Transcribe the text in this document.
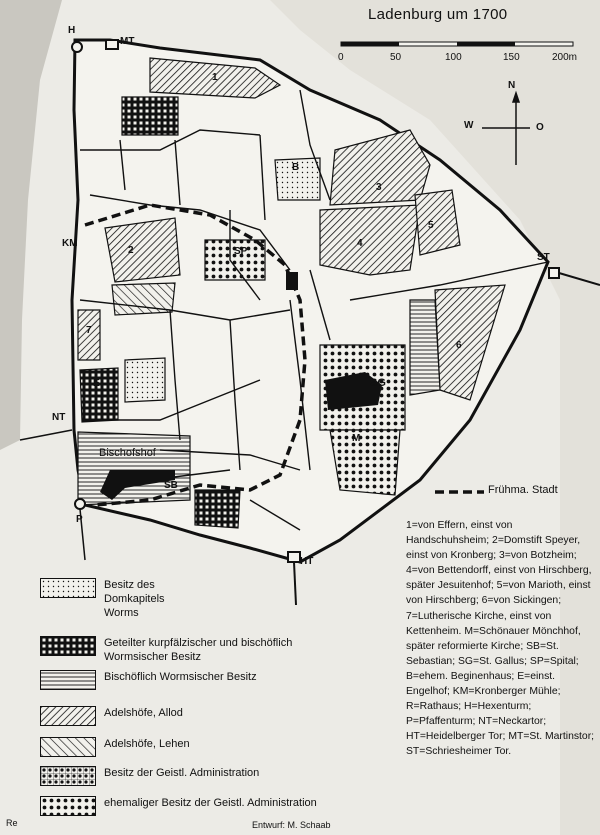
Ladenburg um 1700
0	50	100	150	200m
N
W	O
H
MT
KM
NT
P
HT
ST
SP
SG
SB
B
E
M
Bischofshof
1
2
3
4
5
6
7
Frühma. Stadt
Besitz des Domkapitels Worms
Geteilter kurpfälzischer und bischöflich Wormsischer Besitz
Bischöflich Wormsischer Besitz
Adelshöfe, Allod
Adelshöfe, Lehen
Besitz der Geistl. Administration
ehemaliger Besitz der Geistl. Administration
1=von Effern, einst von Handschuhsheim; 2=Domstift Speyer, einst von Kronberg; 3=von Botzheim; 4=von Bettendorff, einst von Hirschberg, später Jesuitenhof; 5=von Marioth, einst von Hirschberg; 6=von Sickingen; 7=Lutherische Kirche, einst von Kettenheim. M=Schönauer Mönchhof, später reformierte Kirche; SB=St. Sebastian; SG=St. Gallus; SP=Spital; B=ehem. Beginenhaus; E=einst. Engelhof; KM=Kronberger Mühle; R=Rathaus; H=Hexenturm; P=Pfaffenturm; NT=Neckartor; HT=Heidelberger Tor; MT=St. Martinstor; ST=Schriesheimer Tor.
Re	Entwurf: M. Schaab
